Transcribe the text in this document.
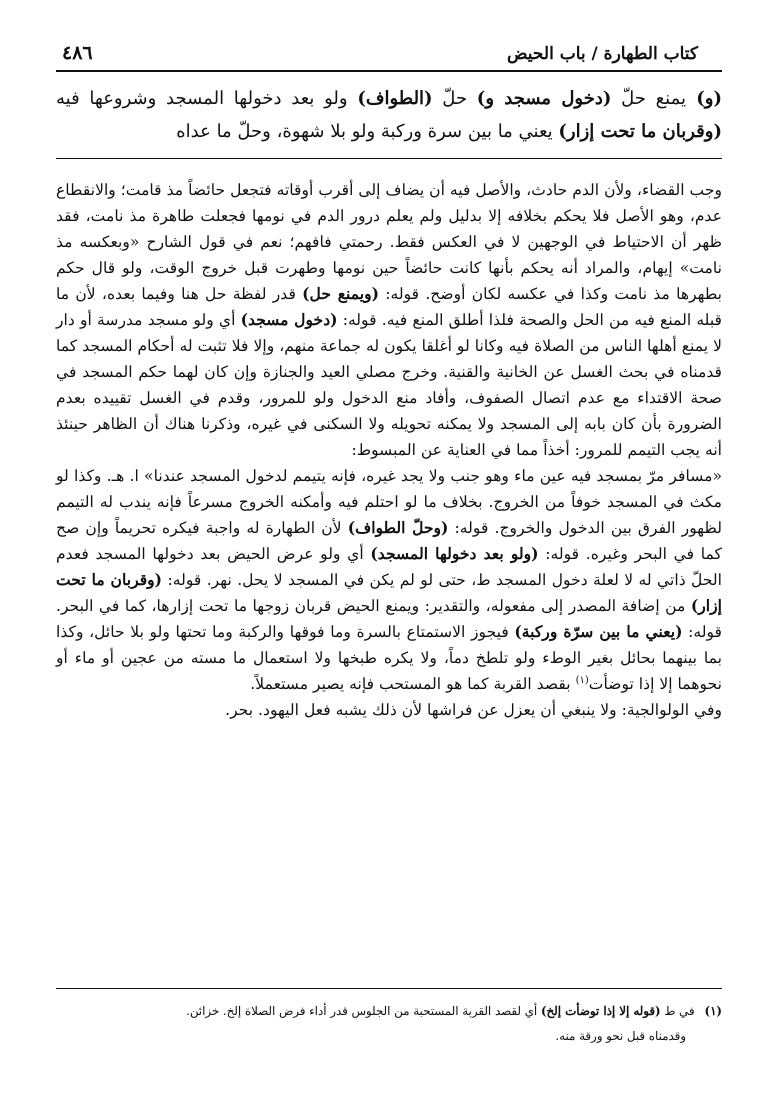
كتاب الطهارة / باب الحيض
٤٨٦
(و) يمنع حلّ (دخول مسجد و) حلّ (الطواف) ولو بعد دخولها المسجد وشروعها فيه (وقربان ما تحت إزار) يعني ما بين سرة وركبة ولو بلا شهوة، وحلّ ما عداه

وجب القضاء، ولأن الدم حادث، والأصل فيه أن يضاف إلى أقرب أوقاته فتجعل حائضاً مذ قامت؛ والانقطاع عدم، وهو الأصل فلا يحكم بخلافه إلا بدليل ولم يعلم درور الدم في نومها فجعلت طاهرة مذ نامت، فقد ظهر أن الاحتياط في الوجهين لا في العكس فقط. رحمتي فافهم؛ نعم في قول الشارح «وبعكسه مذ نامت» إيهام، والمراد أنه يحكم بأنها كانت حائضاً حين نومها وطهرت قبل خروج الوقت، ولو قال حكم بطهرها مذ نامت وكذا في عكسه لكان أوضح. قوله: (ويمنع حل) قدر لفظة حل هنا وفيما بعده، لأن ما قبله المنع فيه من الحل والصحة فلذا أطلق المنع فيه. قوله: (دخول مسجد) أي ولو مسجد مدرسة أو دار لا يمنع أهلها الناس من الصلاة فيه وكانا لو أغلقا يكون له جماعة منهم، وإلا فلا تثبت له أحكام المسجد كما قدمناه في بحث الغسل عن الخانية والقنية. وخرج مصلي العيد والجنازة وإن كان لهما حكم المسجد في صحة الاقتداء مع عدم اتصال الصفوف، وأفاد منع الدخول ولو للمرور، وقدم في الغسل تقييده بعدم الضرورة بأن كان بابه إلى المسجد ولا يمكنه تحويله ولا السكنى في غيره، وذكرنا هناك أن الظاهر حينئذ أنه يجب التيمم للمرور: أخذاً مما في العناية عن المبسوط:

«مسافر مرّ بمسجد فيه عين ماء وهو جنب ولا يجد غيره، فإنه يتيمم لدخول المسجد عندنا» ا. هـ. وكذا لو مكث في المسجد خوفاً من الخروج. بخلاف ما لو احتلم فيه وأمكنه الخروج مسرعاً فإنه يندب له التيمم لظهور الفرق بين الدخول والخروج. قوله: (وحلّ الطواف) لأن الطهارة له واجبة فيكره تحريماً وإن صح كما في البحر وغيره. قوله: (ولو بعد دخولها المسجد) أي ولو عرض الحيض بعد دخولها المسجد فعدم الحلّ ذاتي له لا لعلة دخول المسجد ط، حتى لو لم يكن في المسجد لا يحل. نهر. قوله: (وقربان ما تحت إزار) من إضافة المصدر إلى مفعوله، والتقدير: ويمنع الحيض قربان زوجها ما تحت إزارها، كما في البحر. قوله: (يعني ما بين سرّة وركبة) فيجوز الاستمتاع بالسرة وما فوقها والركبة وما تحتها ولو بلا حائل، وكذا بما بينهما بحائل بغير الوطء ولو تلطخ دماً، ولا يكره طبخها ولا استعمال ما مسته من عجين أو ماء أو نحوهما إلا إذا توضأت$^{(١)}$ بقصد القربة كما هو المستحب فإنه يصير مستعملاً.

وفي الولوالجية: ولا ينبغي أن يعزل عن فراشها لأن ذلك يشبه فعل اليهود. بحر.

(١)
في ط (قوله إلا إذا توضأت إلخ) أي لقصد القربة المستحبة من الجلوس قدر أداء فرض الصلاة إلخ. خزائن.
وقدمناه قبل نحو ورقة منه.
